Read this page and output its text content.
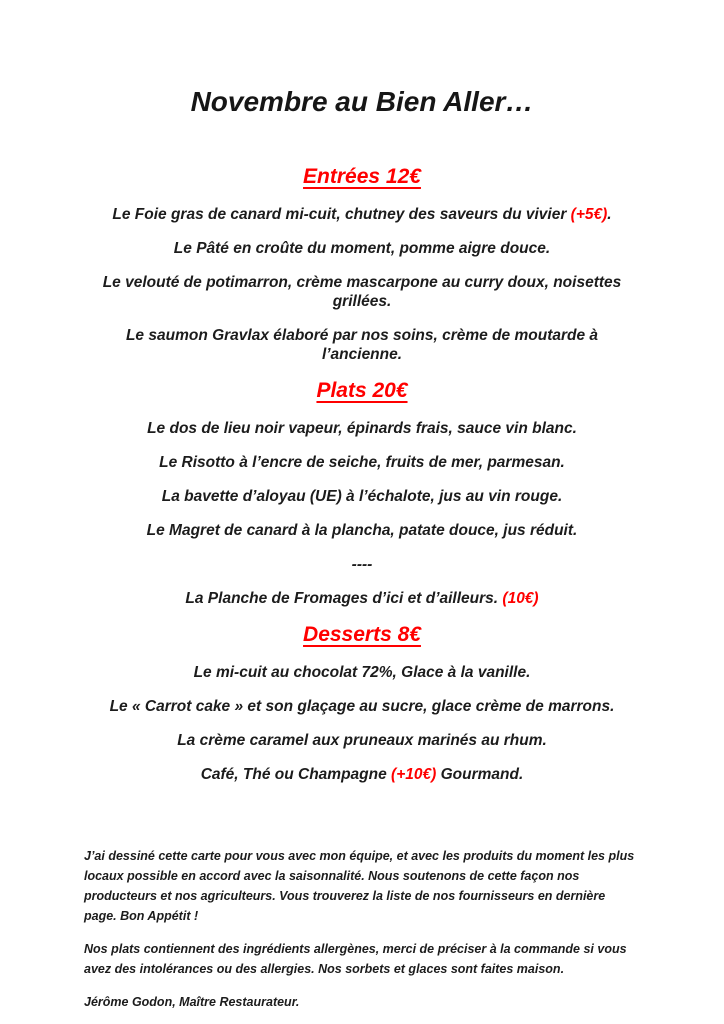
Novembre au Bien Aller…
Entrées 12€

Le Foie gras de canard mi-cuit, chutney des saveurs du vivier (+5€).

Le Pâté en croûte du moment, pomme aigre douce.

Le velouté de potimarron, crème mascarpone au curry doux, noisettes grillées.

Le saumon Gravlax élaboré par nos soins, crème de moutarde à l’ancienne.

Plats 20€

Le dos de lieu noir vapeur, épinards frais, sauce vin blanc.

Le Risotto à l’encre de seiche, fruits de mer, parmesan.

La bavette d’aloyau (UE) à l’échalote, jus au vin rouge.

Le Magret de canard à la plancha, patate douce, jus réduit.

----

La Planche de Fromages d’ici et d’ailleurs. (10€)

Desserts 8€

Le mi-cuit au chocolat 72%, Glace à la vanille.

Le « Carrot cake » et son glaçage au sucre, glace crème de marrons.

La crème caramel aux pruneaux marinés au rhum.

Café, Thé ou Champagne (+10€) Gourmand.

J’ai dessiné cette carte pour vous avec mon équipe, et avec les produits du moment les plus locaux possible en accord avec la saisonnalité. Nous soutenons de cette façon nos producteurs et nos agriculteurs. Vous trouverez la liste de nos fournisseurs en dernière page. Bon Appétit !

Nos plats contiennent des ingrédients allergènes, merci de préciser à la commande si vous avez des intolérances ou des allergies. Nos sorbets et glaces sont faites maison.

Jérôme Godon, Maître Restaurateur.
